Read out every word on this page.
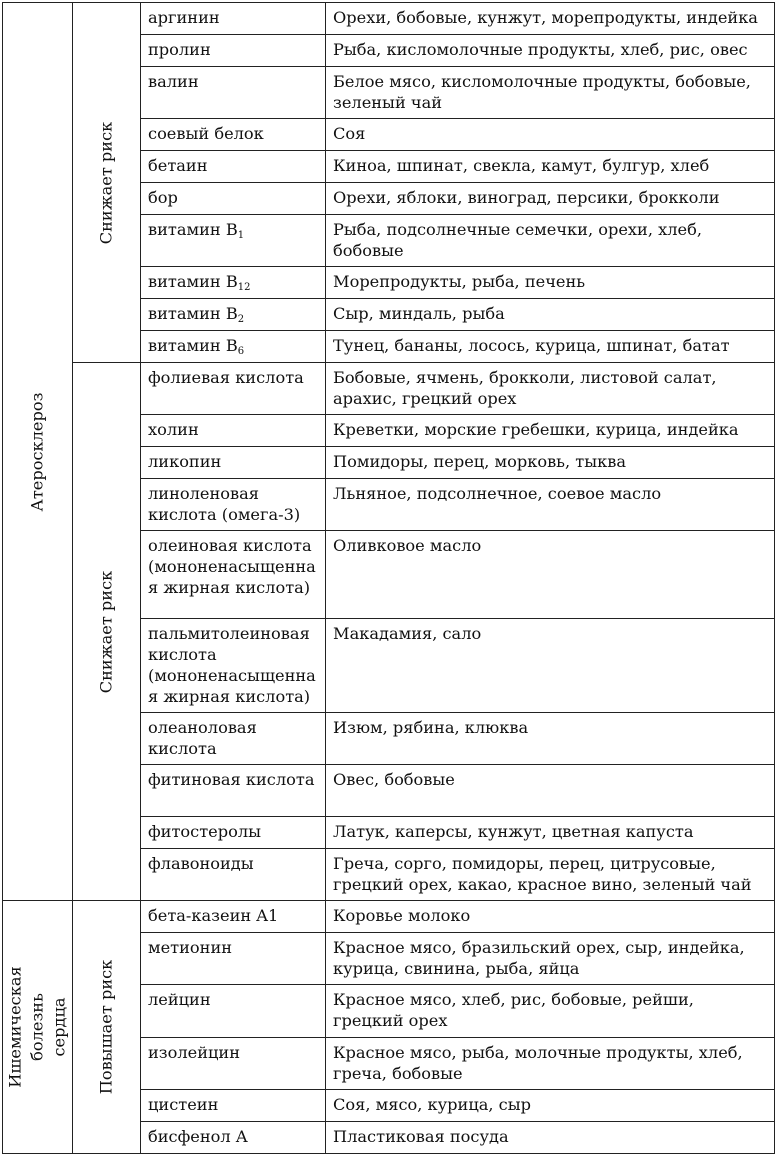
Атеросклероз	Снижает риск	аргинин	Орехи, бобовые, кунжут, морепродукты, индейка
		пролин	Рыба, кисломолочные продукты, хлеб, рис, овес
		валин	Белое мясо, кисломолочные продукты, бобовые, зеленый чай
		соевый белок	Соя
		бетаин	Киноа, шпинат, свекла, камут, булгур, хлеб
		бор	Орехи, яблоки, виноград, персики, брокколи
		витамин $B_1$	Рыба, подсолнечные семечки, орехи, хлеб, бобовые
		витамин $B_{12}$	Морепродукты, рыба, печень
		витамин $B_2$	Сыр, миндаль, рыба
		витамин $B_6$	Тунец, бананы, лосось, курица, шпинат, батат

	Снижает риск	фолиевая кислота	Бобовые, ячмень, брокколи, листовой салат, арахис, грецкий орех
		холин	Креветки, морские гребешки, курица, индейка
		ликопин	Помидоры, перец, морковь, тыква
		линоленовая кислота (омега-3)	Льняное, подсолнечное, соевое масло
		олеиновая кислота (мононенасыщенная жирная кислота)	Оливковое масло
		пальмитолеиновая кислота (мононенасыщенная жирная кислота)	Макадамия, сало
		олеаноловая кислота	Изюм, рябина, клюква
		фитиновая кислота	Овес, бобовые
		фитостеролы	Латук, каперсы, кунжут, цветная капуста
		флавоноиды	Греча, сорго, помидоры, перец, цитрусовые, грецкий орех, какао, красное вино, зеленый чай

Ишемическая болезнь сердца	Повышает риск	бета-казеин A1	Коровье молоко
		метионин	Красное мясо, бразильский орех, сыр, индейка, курица, свинина, рыба, яйца
		лейцин	Красное мясо, хлеб, рис, бобовые, рейши, грецкий орех
		изолейцин	Красное мясо, рыба, молочные продукты, хлеб, греча, бобовые
		цистеин	Соя, мясо, курица, сыр
		бисфенол A	Пластиковая посуда
